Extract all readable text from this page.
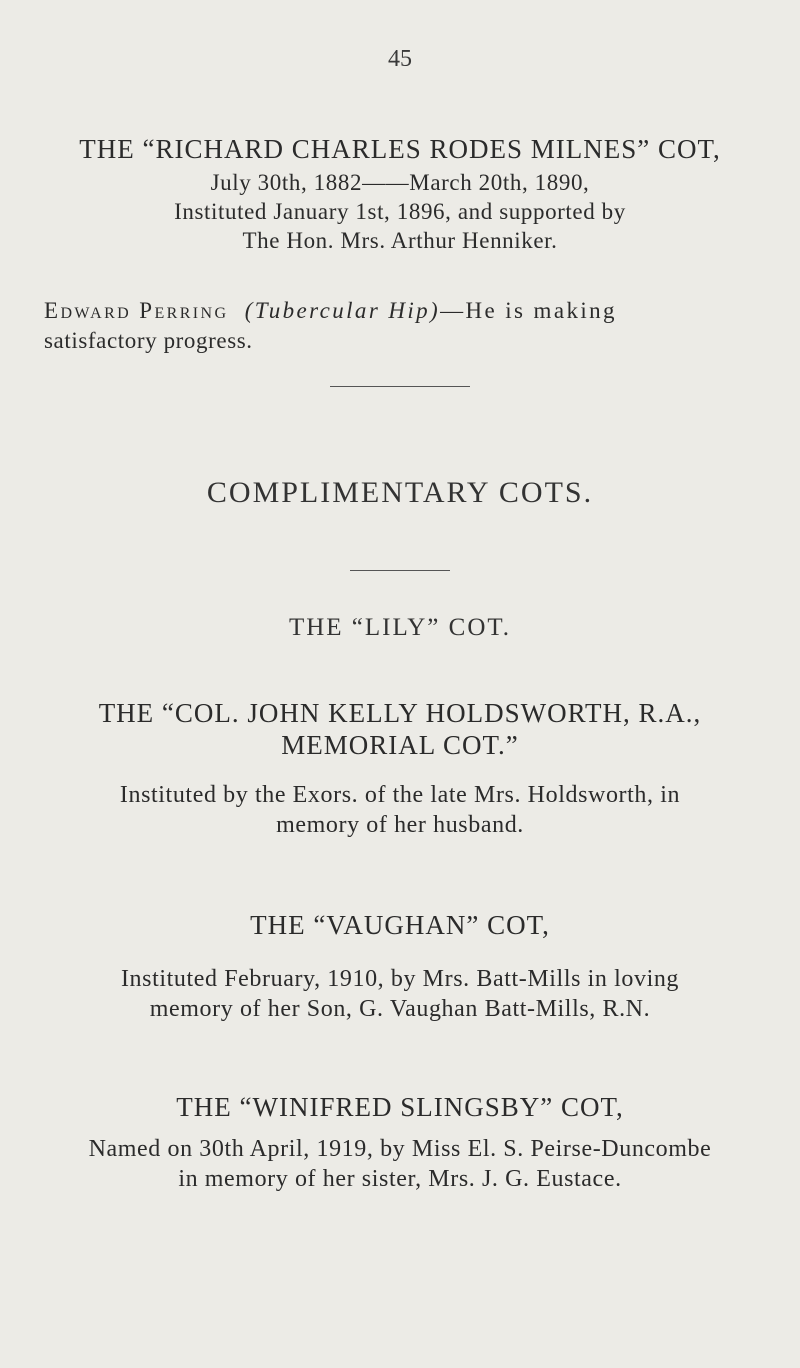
45
THE “RICHARD CHARLES RODES MILNES” COT,
July 30th, 1882——March 20th, 1890,
Instituted January 1st, 1896, and supported by
The Hon. Mrs. Arthur Henniker.
Edward Perring (Tubercular Hip)—He is making
satisfactory progress.
COMPLIMENTARY COTS.
THE “LILY” COT.
THE “COL. JOHN KELLY HOLDSWORTH, R.A.,
MEMORIAL COT.”
Instituted by the Exors. of the late Mrs. Holdsworth, in
memory of her husband.
THE “VAUGHAN” COT,
Instituted February, 1910, by Mrs. Batt-Mills in loving
memory of her Son, G. Vaughan Batt-Mills, R.N.
THE “WINIFRED SLINGSBY” COT,
Named on 30th April, 1919, by Miss El. S. Peirse-Duncombe
in memory of her sister, Mrs. J. G. Eustace.
